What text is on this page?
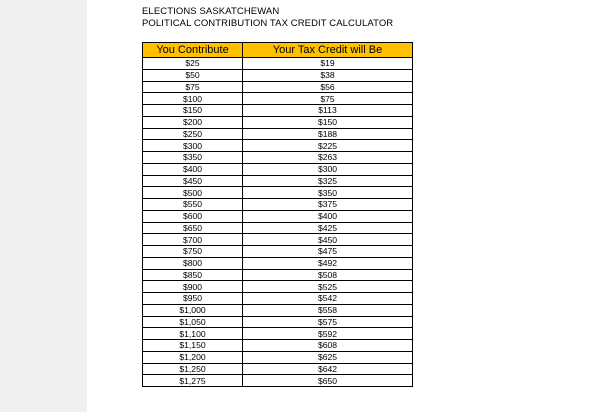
ELECTIONS SASKATCHEWAN
POLITICAL CONTRIBUTION TAX CREDIT CALCULATOR
You Contribute	Your Tax Credit will Be
$25	$19
$50	$38
$75	$56
$100	$75
$150	$113
$200	$150
$250	$188
$300	$225
$350	$263
$400	$300
$450	$325
$500	$350
$550	$375
$600	$400
$650	$425
$700	$450
$750	$475
$800	$492
$850	$508
$900	$525
$950	$542
$1,000	$558
$1,050	$575
$1,100	$592
$1,150	$608
$1,200	$625
$1,250	$642
$1,275	$650
